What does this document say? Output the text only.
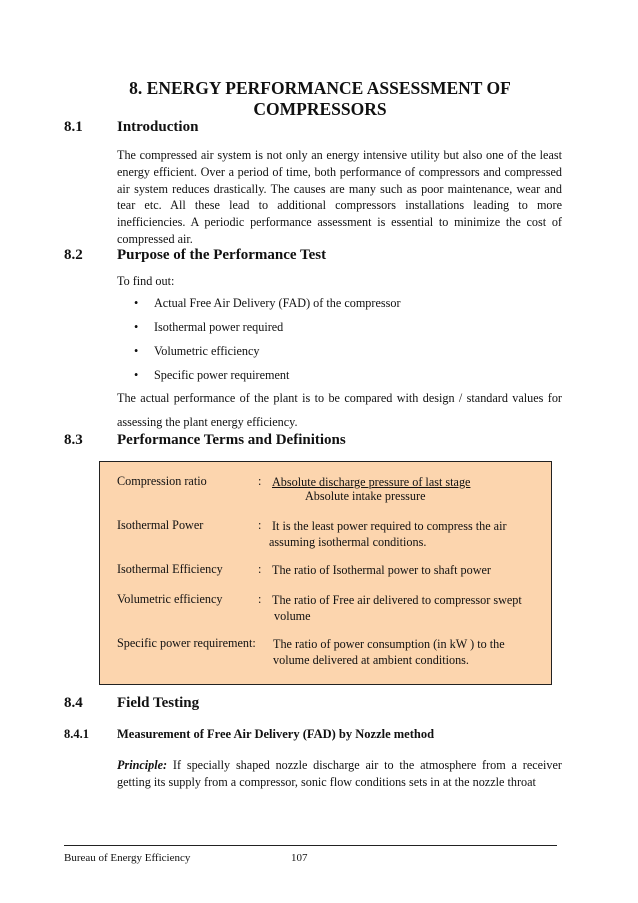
8. ENERGY PERFORMANCE ASSESSMENT OF
COMPRESSORS
8.1 Introduction
The compressed air system is not only an energy intensive utility but also one of the least energy efficient. Over a period of time, both performance of compressors and compressed air system reduces drastically. The causes are many such as poor maintenance, wear and tear etc. All these lead to additional compressors installations leading to more inefficiencies. A periodic performance assessment is essential to minimize the cost of compressed air.
8.2 Purpose of the Performance Test
To find out:
• Actual Free Air Delivery (FAD) of the compressor
• Isothermal power required
• Volumetric efficiency
• Specific power requirement
The actual performance of the plant is to be compared with design / standard values for assessing the plant energy efficiency.
8.3 Performance Terms and Definitions
Compression ratio	: Absolute discharge pressure of last stage
Absolute intake pressure
Isothermal Power	: It is the least power required to compress the air
assuming isothermal conditions.
Isothermal Efficiency	: The ratio of Isothermal power to shaft power
Volumetric efficiency	: The ratio of Free air delivered to compressor swept
volume
Specific power requirement: The ratio of power consumption (in kW ) to the
volume delivered at ambient conditions.
8.4 Field Testing
8.4.1 Measurement of Free Air Delivery (FAD) by Nozzle method
Principle: If specially shaped nozzle discharge air to the atmosphere from a receiver getting its supply from a compressor, sonic flow conditions sets in at the nozzle throat
Bureau of Energy Efficiency	107
